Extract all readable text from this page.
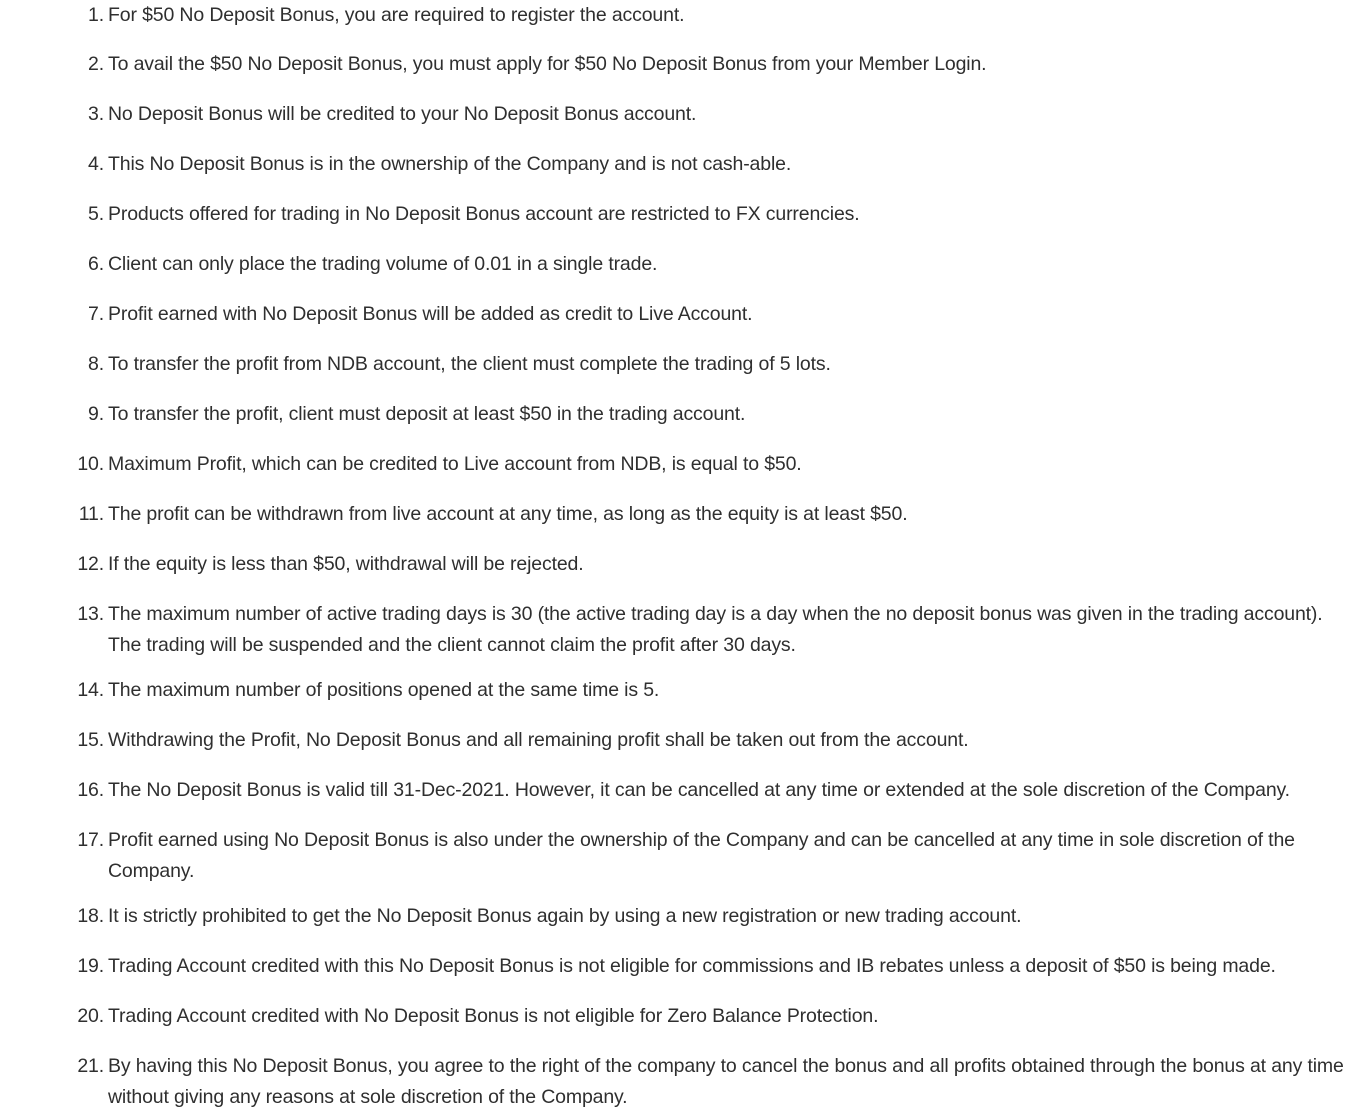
1. For $50 No Deposit Bonus, you are required to register the account.
2. To avail the $50 No Deposit Bonus, you must apply for $50 No Deposit Bonus from your Member Login.
3. No Deposit Bonus will be credited to your No Deposit Bonus account.
4. This No Deposit Bonus is in the ownership of the Company and is not cash-able.
5. Products offered for trading in No Deposit Bonus account are restricted to FX currencies.
6. Client can only place the trading volume of 0.01 in a single trade.
7. Profit earned with No Deposit Bonus will be added as credit to Live Account.
8. To transfer the profit from NDB account, the client must complete the trading of 5 lots.
9. To transfer the profit, client must deposit at least $50 in the trading account.
10. Maximum Profit, which can be credited to Live account from NDB, is equal to $50.
11. The profit can be withdrawn from live account at any time, as long as the equity is at least $50.
12. If the equity is less than $50, withdrawal will be rejected.
13. The maximum number of active trading days is 30 (the active trading day is a day when the no deposit bonus was given in the trading account). The trading will be suspended and the client cannot claim the profit after 30 days.
14. The maximum number of positions opened at the same time is 5.
15. Withdrawing the Profit, No Deposit Bonus and all remaining profit shall be taken out from the account.
16. The No Deposit Bonus is valid till 31-Dec-2021. However, it can be cancelled at any time or extended at the sole discretion of the Company.
17. Profit earned using No Deposit Bonus is also under the ownership of the Company and can be cancelled at any time in sole discretion of the Company.
18. It is strictly prohibited to get the No Deposit Bonus again by using a new registration or new trading account.
19. Trading Account credited with this No Deposit Bonus is not eligible for commissions and IB rebates unless a deposit of $50 is being made.
20. Trading Account credited with No Deposit Bonus is not eligible for Zero Balance Protection.
21. By having this No Deposit Bonus, you agree to the right of the company to cancel the bonus and all profits obtained through the bonus at any time without giving any reasons at sole discretion of the Company.
